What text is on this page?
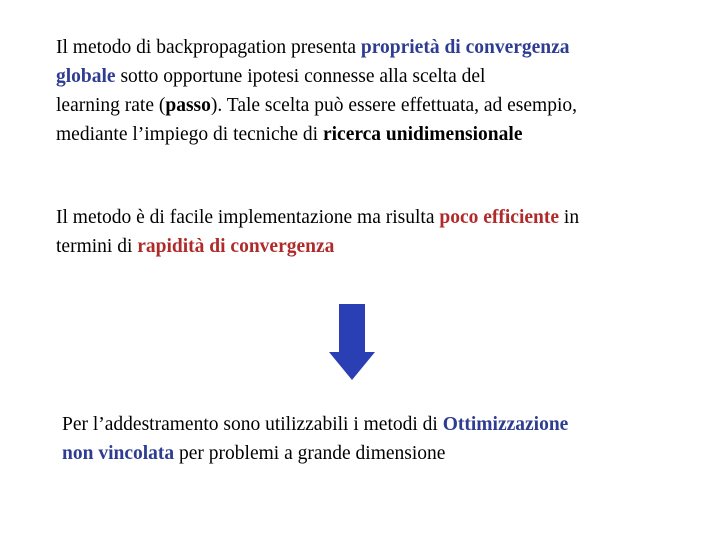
Il metodo di backpropagation presenta proprietà di convergenza
globale sotto opportune ipotesi connesse alla scelta del
learning rate (passo). Tale scelta può essere effettuata, ad esempio,
mediante l’impiego di tecniche di ricerca unidimensionale
Il metodo è di facile implementazione ma risulta poco efficiente in
termini di rapidità di convergenza
Per l’addestramento sono utilizzabili i metodi di Ottimizzazione
non vincolata per problemi a grande dimensione
